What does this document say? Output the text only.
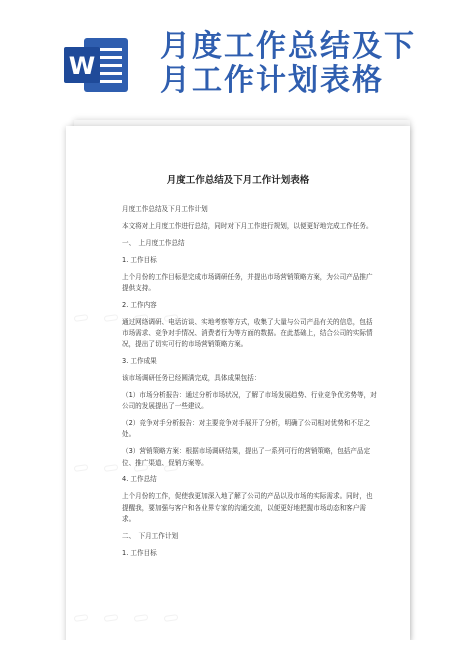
W
月度工作总结及下
月工作计划表格
月度工作总结及下月工作计划表格

月度工作总结及下月工作计划

本文将对上月度工作进行总结，同时对下月工作进行规划，以便更好地完成工作任务。

一、　上月度工作总结

1. 工作目标

上个月份的工作目标是完成市场调研任务，并提出市场营销策略方案，为公司产品推广提供支持。

2. 工作内容

通过网络调研、电话访谈、实地考察等方式，收集了大量与公司产品有关的信息，包括市场需求、竞争对手情况、消费者行为等方面的数据。在此基础上，结合公司的实际情况，提出了切实可行的市场营销策略方案。

3. 工作成果

该市场调研任务已经圆满完成，具体成果包括：

（1）市场分析报告：通过分析市场状况，了解了市场发展趋势、行业竞争优劣势等，对公司的发展提出了一些建议。

（2）竞争对手分析报告：对主要竞争对手展开了分析，明确了公司相对优势和不足之处。

（3）营销策略方案：根据市场调研结果，提出了一系列可行的营销策略，包括产品定位、推广渠道、促销方案等。

4. 工作总结

上个月份的工作，促使我更加深入地了解了公司的产品以及市场的实际需求。同时，也提醒我，要加强与客户和各业界专家的沟通交流，以便更好地把握市场动态和客户需求。

二、　下月工作计划

1. 工作目标
